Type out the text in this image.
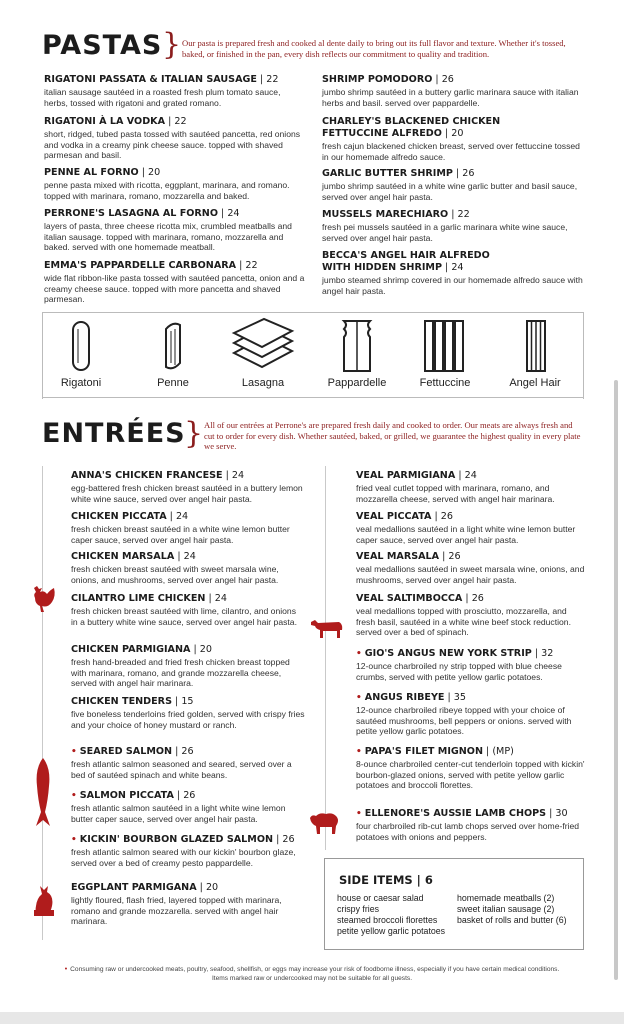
PASTAS } Our pasta is prepared fresh and cooked al dente daily to bring out its full flavor and texture. Whether it's tossed, baked, or finished in the pan, every dish reflects our commitment to quality and tradition.
RIGATONI PASSATA & ITALIAN SAUSAGE | 22
italian sausage sautéed in a roasted fresh plum tomato sauce, herbs, tossed with rigatoni and grated romano.
RIGATONI À LA VODKA | 22
short, ridged, tubed pasta tossed with sautéed pancetta, red onions and vodka in a creamy pink cheese sauce. topped with shaved parmesan and basil.
PENNE AL FORNO | 20
penne pasta mixed with ricotta, eggplant, marinara, and romano. topped with marinara, romano, mozzarella and baked.
PERRONE'S LASAGNA AL FORNO | 24
layers of pasta, three cheese ricotta mix, crumbled meatballs and italian sausage. topped with marinara, romano, mozzarella and baked. served with one homemade meatball.
EMMA'S PAPPARDELLE CARBONARA | 22
wide flat ribbon-like pasta tossed with sautéed pancetta, onion and a creamy cheese sauce. topped with more pancetta and shaved parmesan.
SHRIMP POMODORO | 26
jumbo shrimp sautéed in a buttery garlic marinara sauce with italian herbs and basil. served over pappardelle.
CHARLEY'S BLACKENED CHICKEN
FETTUCCINE ALFREDO | 20
fresh cajun blackened chicken breast, served over fettuccine tossed in our homemade alfredo sauce.
GARLIC BUTTER SHRIMP | 26
jumbo shrimp sautéed in a white wine garlic butter and basil sauce, served over angel hair pasta.
MUSSELS MARECHIARO | 22
fresh pei mussels sautéed in a garlic marinara white wine sauce, served over angel hair pasta.
BECCA'S ANGEL HAIR ALFREDO
WITH HIDDEN SHRIMP | 24
jumbo steamed shrimp covered in our homemade alfredo sauce with angel hair pasta.
Rigatoni	Penne	Lasagna	Pappardelle	Fettuccine	Angel Hair
ENTRÉES
} All of our entrées at Perrone's are prepared fresh daily and cooked to order. Our meats are always fresh and cut to order for every dish. Whether sautéed, baked, or grilled, we guarantee the highest quality in every plate we serve.
ANNA'S CHICKEN FRANCESE | 24
egg-battered fresh chicken breast sautéed in a buttery lemon white wine sauce, served over angel hair pasta.
CHICKEN PICCATA | 24
fresh chicken breast sautéed in a white wine lemon butter caper sauce, served over angel hair pasta.
CHICKEN MARSALA | 24
fresh chicken breast sautéed with sweet marsala wine, onions, and mushrooms, served over angel hair pasta.
CILANTRO LIME CHICKEN | 24
fresh chicken breast sautéed with lime, cilantro, and onions in a buttery white wine sauce, served over angel hair pasta.
CHICKEN PARMIGIANA | 20
fresh hand-breaded and fried fresh chicken breast topped with marinara, romano, and grande mozzarella cheese, served with angel hair marinara.
CHICKEN TENDERS | 15
five boneless tenderloins fried golden, served with crispy fries and your choice of honey mustard or ranch.
• SEARED SALMON | 26
fresh atlantic salmon seasoned and seared, served over a bed of sautéed spinach and white beans.
• SALMON PICCATA | 26
fresh atlantic salmon sautéed in a light white wine lemon butter caper sauce, served over angel hair pasta.
• KICKIN' BOURBON GLAZED SALMON | 26
fresh atlantic salmon seared with our kickin' bourbon glaze, served over a bed of creamy pesto pappardelle.
EGGPLANT PARMIGANA | 20
lightly floured, flash fried, layered topped with marinara, romano and grande mozzarella. served with angel hair marinara.
VEAL PARMIGIANA | 24
fried veal cutlet topped with marinara, romano, and mozzarella cheese, served with angel hair marinara.
VEAL PICCATA | 26
veal medallions sautéed in a light white wine lemon butter caper sauce, served over angel hair pasta.
VEAL MARSALA | 26
veal medallions sautéed in sweet marsala wine, onions, and mushrooms, served over angel hair pasta.
VEAL SALTIMBOCCA | 26
veal medallions topped with prosciutto, mozzarella, and fresh basil, sautéed in a white wine beef stock reduction. served over a bed of spinach.
• GIO'S ANGUS NEW YORK STRIP | 32
12-ounce charbroiled ny strip topped with blue cheese crumbs, served with petite yellow garlic potatoes.
• ANGUS RIBEYE | 35
12-ounce charbroiled ribeye topped with your choice of sautéed mushrooms, bell peppers or onions. served with petite yellow garlic potatoes.
• PAPA'S FILET MIGNON | (MP)
8-ounce charbroiled center-cut tenderloin topped with kickin' bourbon-glazed onions, served with petite yellow garlic potatoes and broccoli florettes.
• ELLENORE'S AUSSIE LAMB CHOPS | 30
four charbroiled rib-cut lamb chops served over home-fried potatoes with onions and peppers.
SIDE ITEMS | 6
house or caesar salad
crispy fries
steamed broccoli florettes
petite yellow garlic potatoes
homemade meatballs (2)
sweet italian sausage (2)
basket of rolls and butter (6)
• Consuming raw or undercooked meats, poultry, seafood, shellfish, or eggs may increase your risk of foodborne illness, especially if you have certain medical conditions.
Items marked raw or undercooked may not be suitable for all guests.
